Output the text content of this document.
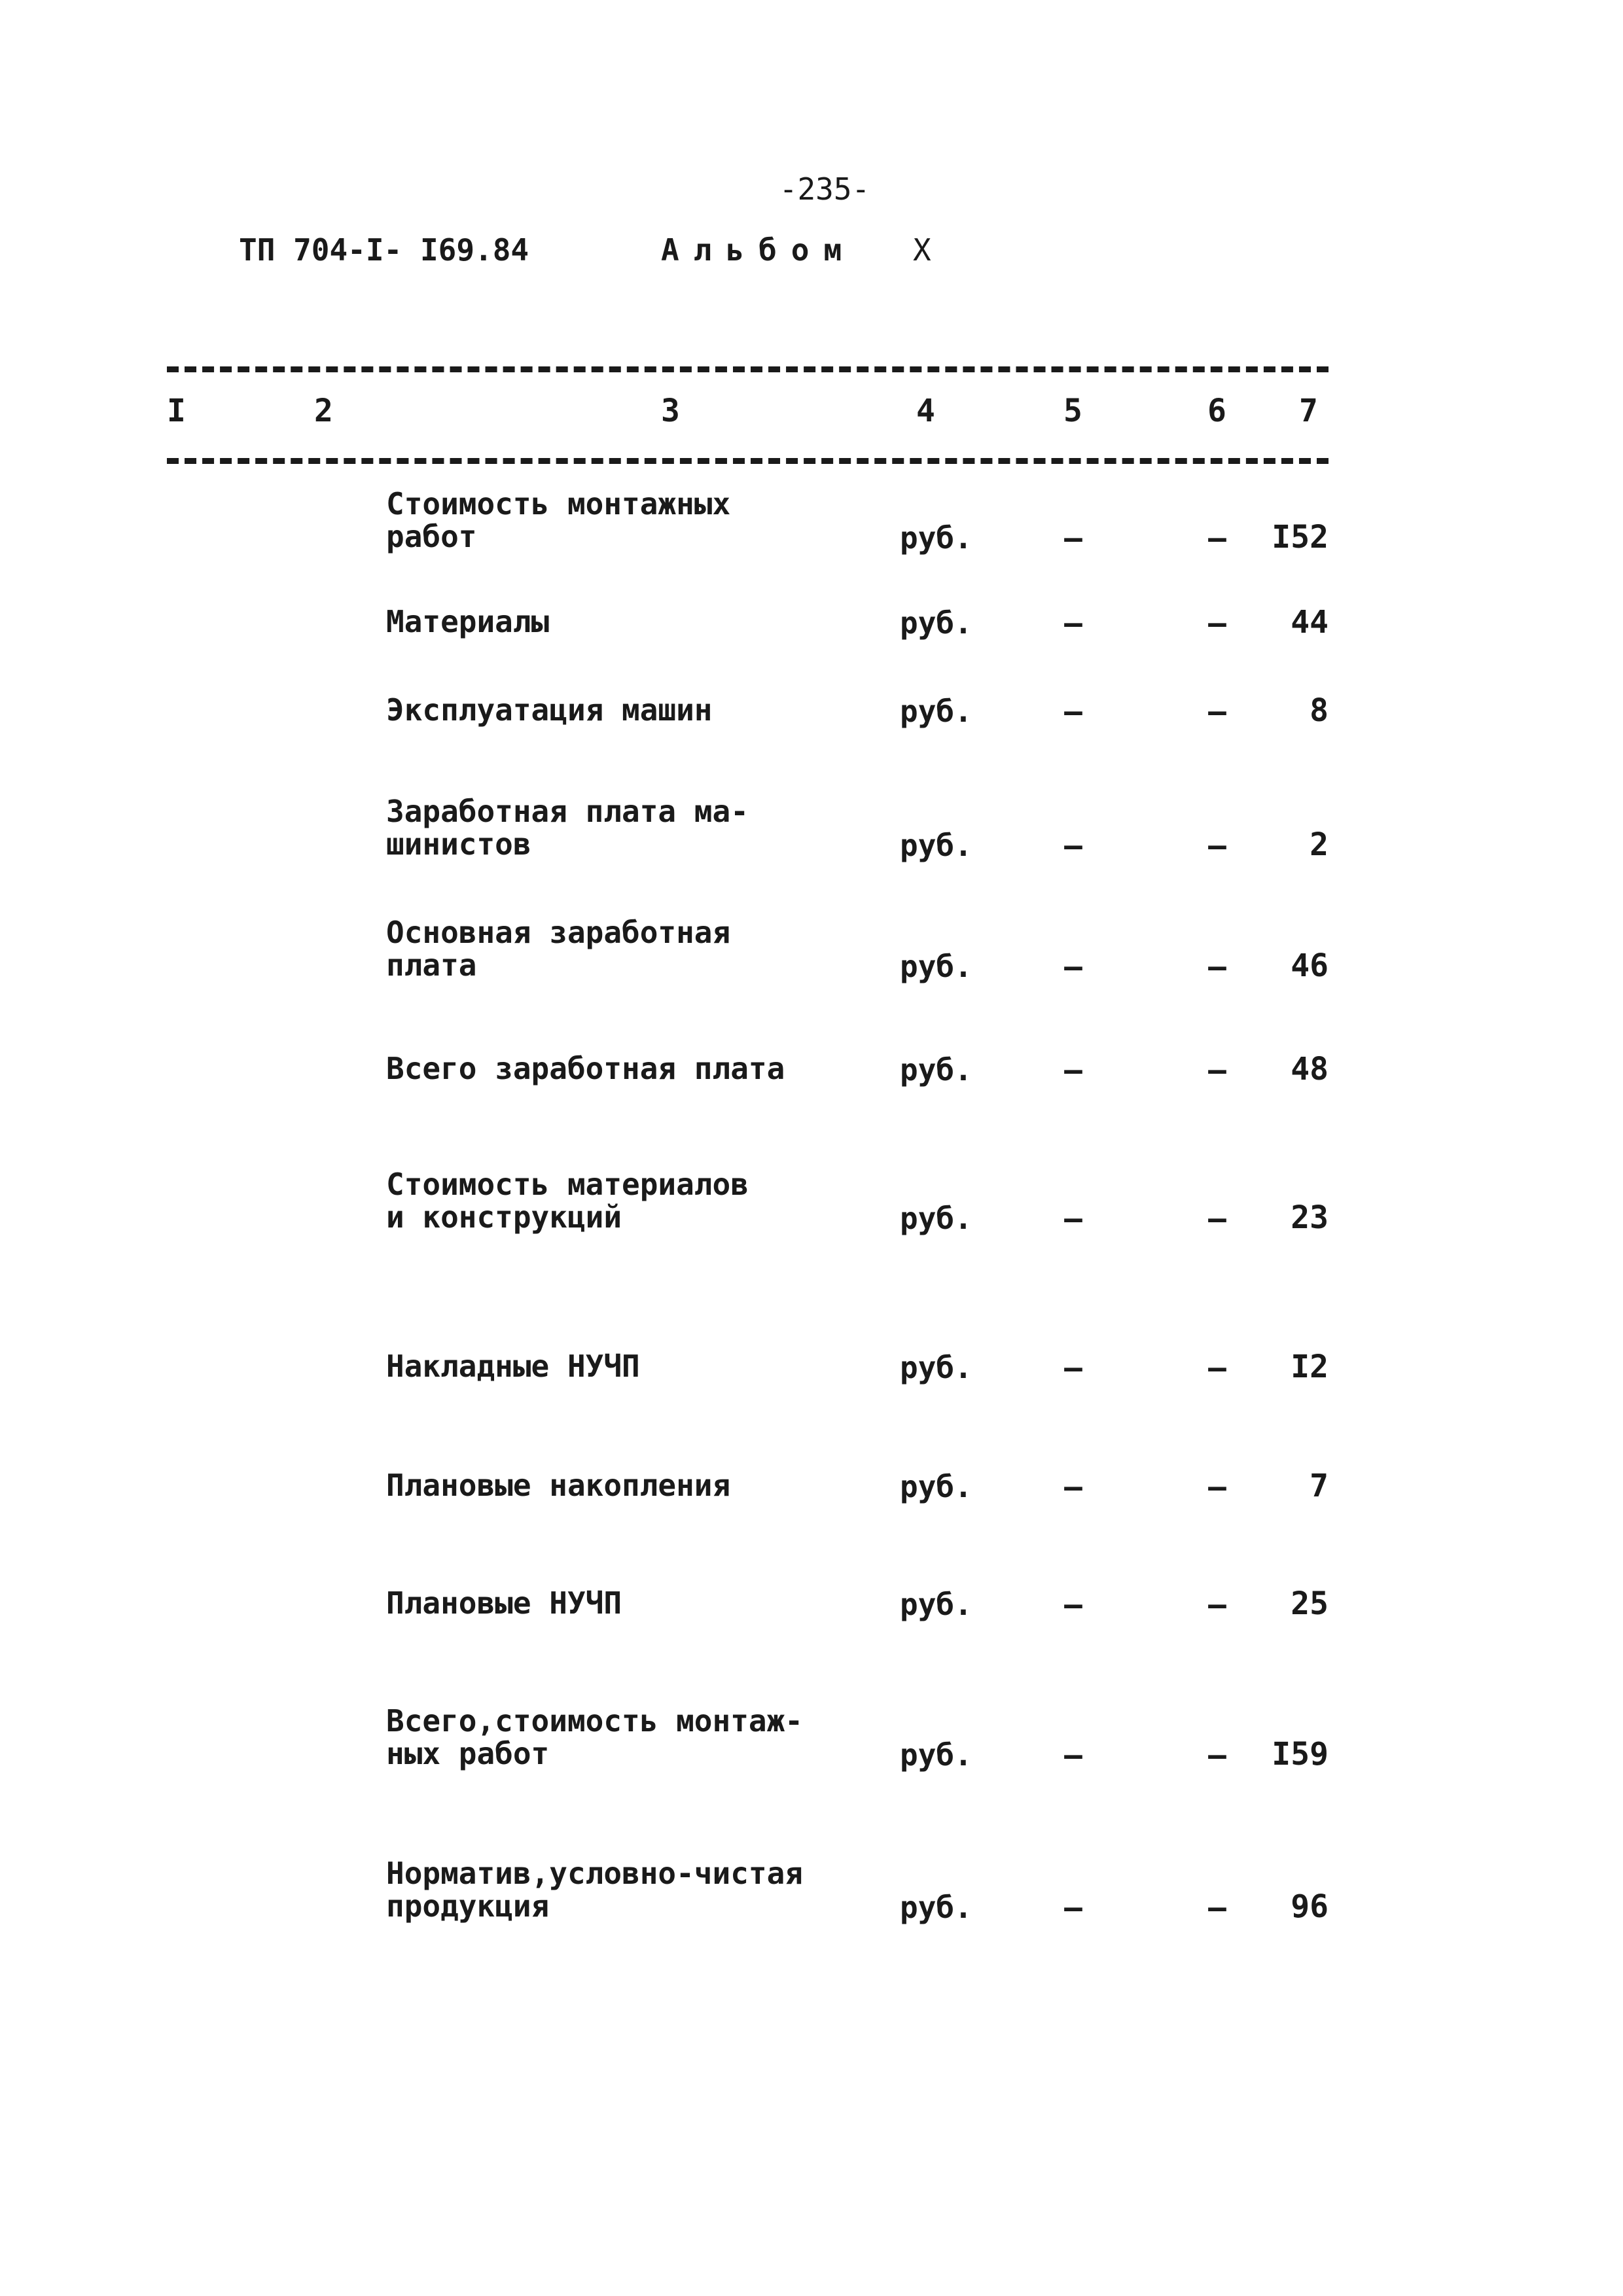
-235-
ТП 704-I- I69.84	Альбом Х
I	2	3	4	5	6 7
Стоимость монтажных
работ	руб.	–	–	I52
Материалы	руб.	–	–	44
Эксплуатация машин	руб.	–	–	8
Заработная плата ма-
шинистов	руб.	–	–	2
Основная заработная
плата	руб.	–	–	46
Всего заработная плата	руб.	–	–	48
Стоимость материалов
и конструкций	руб.	–	–	23
Накладные НУЧП	руб.	–	–	I2
Плановые накопления	руб.	–	–	7
Плановые НУЧП	руб.	–	–	25
Всего,стоимость монтаж-
ных работ	руб.	–	–	I59
Норматив,условно-чистая
продукция	руб.	–	–	96
